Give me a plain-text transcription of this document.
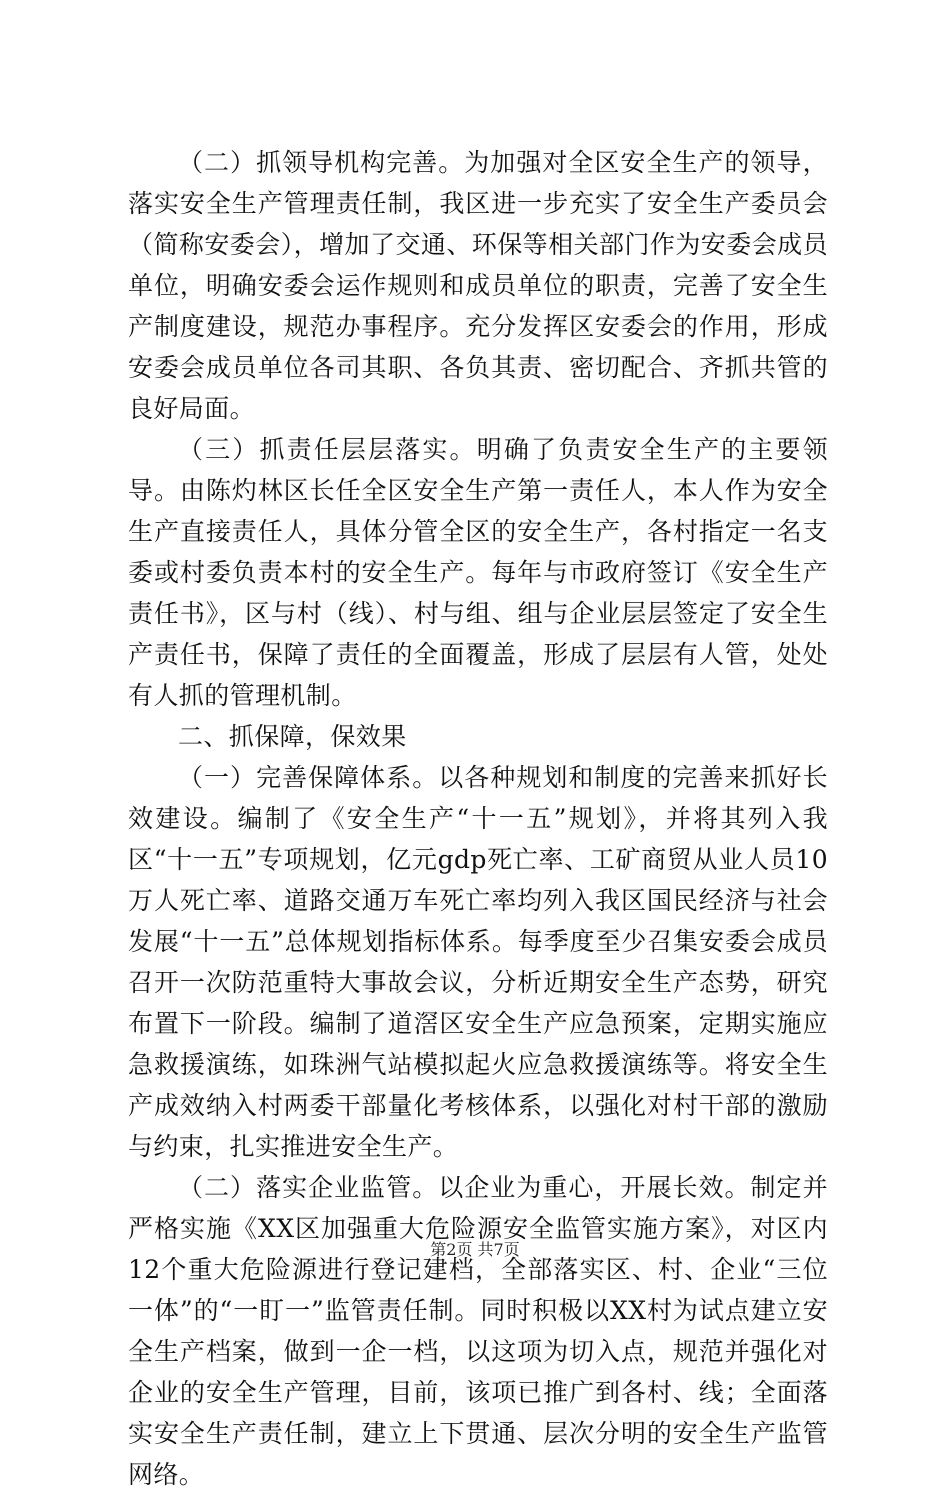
（二）抓领导机构完善。为加强对全区安全生产的领导，落实安全生产管理责任制，我区进一步充实了安全生产委员会（简称安委会），增加了交通、环保等相关部门作为安委会成员单位，明确安委会运作规则和成员单位的职责，完善了安全生产制度建设，规范办事程序。充分发挥区安委会的作用，形成安委会成员单位各司其职、各负其责、密切配合、齐抓共管的良好局面。

（三）抓责任层层落实。明确了负责安全生产的主要领导。由陈灼林区长任全区安全生产第一责任人，本人作为安全生产直接责任人，具体分管全区的安全生产，各村指定一名支委或村委负责本村的安全生产。每年与市政府签订《安全生产责任书》，区与村（线）、村与组、组与企业层层签定了安全生产责任书，保障了责任的全面覆盖，形成了层层有人管，处处有人抓的管理机制。

二、抓保障，保效果

（一）完善保障体系。以各种规划和制度的完善来抓好长效建设。编制了《安全生产“十一五”规划》，并将其列入我区“十一五”专项规划，亿元gdp死亡率、工矿商贸从业人员10万人死亡率、道路交通万车死亡率均列入我区国民经济与社会发展“十一五”总体规划指标体系。每季度至少召集安委会成员召开一次防范重特大事故会议，分析近期安全生产态势，研究布置下一阶段。编制了道滘区安全生产应急预案，定期实施应急救援演练，如珠洲气站模拟起火应急救援演练等。将安全生产成效纳入村两委干部量化考核体系，以强化对村干部的激励与约束，扎实推进安全生产。

（二）落实企业监管。以企业为重心，开展长效。制定并严格实施《XX区加强重大危险源安全监管实施方案》，对区内12个重大危险源进行登记建档，全部落实区、村、企业“三位一体”的“一盯一”监管责任制。同时积极以XX村为试点建立安全生产档案，做到一企一档，以这项为切入点，规范并强化对企业的安全生产管理，目前，该项已推广到各村、线；全面落实安全生产责任制，建立上下贯通、层次分明的安全生产监管网络。

第2页 共7页
